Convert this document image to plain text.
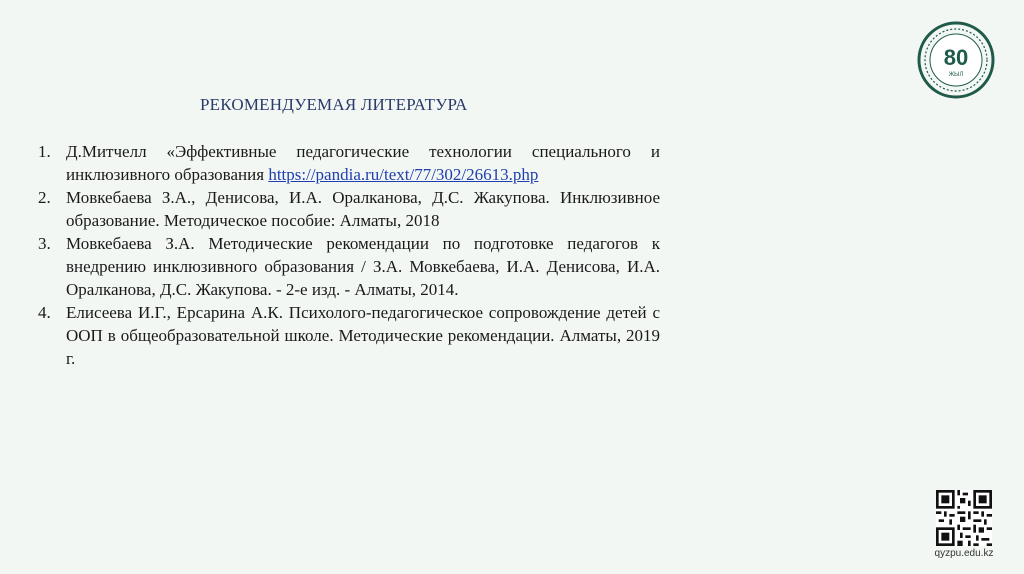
РЕКОМЕНДУЕМАЯ ЛИТЕРАТУРА
1. Д.Митчелл «Эффективные педагогические технологии специального и инклюзивного образования https://pandia.ru/text/77/302/26613.php
2. Мовкебаева З.А., Денисова, И.А. Оралканова, Д.С. Жакупова. Инклюзивное образование. Методическое пособие: Алматы, 2018
3. Мовкебаева З.А. Методические рекомендации по подготовке педагогов к внедрению инклюзивного образования / З.А. Мовкебаева, И.А. Денисова, И.А. Оралканова, Д.С. Жакупова. - 2-е изд. - Алматы, 2014.
4. Елисеева И.Г., Ерсарина А.К. Психолого-педагогическое сопровождение детей с ООП в общеобразовательной школе. Методические рекомендации. Алматы, 2019 г.
80
ЖЫЛ
qyzpu.edu.kz
